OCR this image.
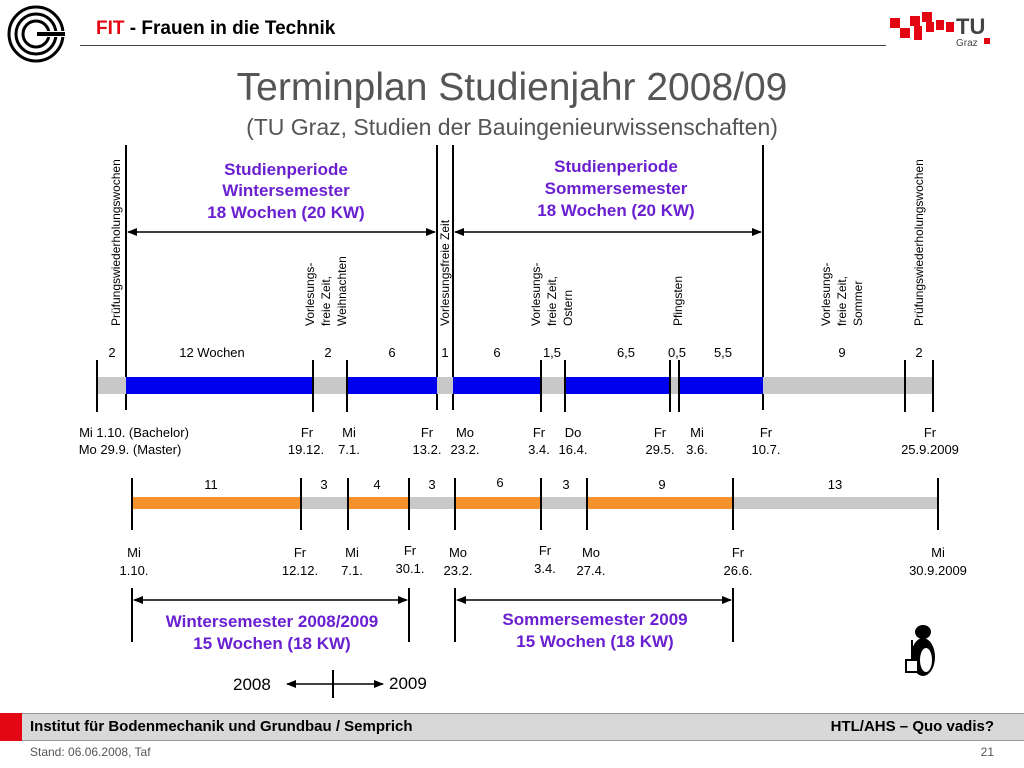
FIT - Frauen in die Technik	TU
Graz
Terminplan Studienjahr 2008/09
(TU Graz, Studien der Bauingenieurwissenschaften)
Studienperiode
Wintersemester
18 Wochen (20 KW)
Studienperiode
Sommersemester
18 Wochen (20 KW)
Prüfungswiederholungswochen	Vorlesungs- freie Zeit, Weihnachten	Vorlesungsfreie Zeit	Vorlesungs- freie Zeit, Ostern	Pfingsten	Vorlesungs- freie Zeit, Sommer	Prüfungswiederholungswochen
2	12 Wochen	2	6	1	6	1,5	6,5	0,5 5,5	9	2
Mi 1.10. (Bachelor)
Mo 29.9. (Master)
Fr
19.12.
Mi
7.1.
Fr
13.2.
Mo
23.2.
Fr
3.4.
Do
16.4.
Fr
29.5.
Mi
3.6.
Fr
10.7.
Fr
25.9.2009
11	3	4	3	6	3	9	13
Mi
1.10.
Fr
12.12.
Mi
7.1.
Fr
30.1.
Mo
23.2.
Fr
3.4.
Mo
27.4.
Fr
26.6.
Mi
30.9.2009
Wintersemester 2008/2009
15 Wochen (18 KW)
Sommersemester 2009
15 Wochen (18 KW)
2008	2009
Institut für Bodenmechanik und Grundbau / Semprich	HTL/AHS – Quo vadis?
Stand: 06.06.2008, Taf	21
